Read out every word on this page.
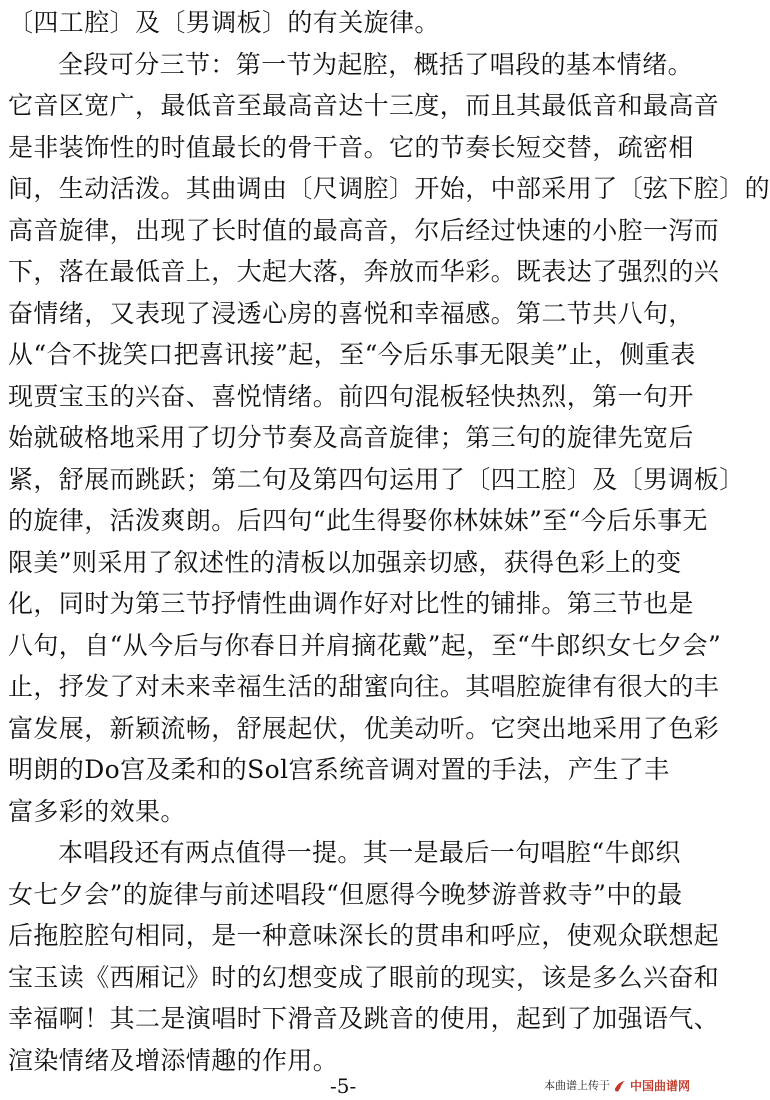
〔四工腔〕及〔男调板〕的有关旋律。
全段可分三节：第一节为起腔，概括了唱段的基本情绪。
它音区宽广，最低音至最高音达十三度，而且其最低音和最高音
是非装饰性的时值最长的骨干音。它的节奏长短交替，疏密相
间，生动活泼。其曲调由〔尺调腔〕开始，中部采用了〔弦下腔〕的
高音旋律，出现了长时值的最高音，尔后经过快速的小腔一泻而
下，落在最低音上，大起大落，奔放而华彩。既表达了强烈的兴
奋情绪，又表现了浸透心房的喜悦和幸福感。第二节共八句，
从“合不拢笑口把喜讯接”起，至“今后乐事无限美”止，侧重表
现贾宝玉的兴奋、喜悦情绪。前四句混板轻快热烈，第一句开
始就破格地采用了切分节奏及高音旋律；第三句的旋律先宽后
紧，舒展而跳跃；第二句及第四句运用了〔四工腔〕及〔男调板〕
的旋律，活泼爽朗。后四句“此生得娶你林妹妹”至“今后乐事无
限美”则采用了叙述性的清板以加强亲切感，获得色彩上的变
化，同时为第三节抒情性曲调作好对比性的铺排。第三节也是
八句，自“从今后与你春日并肩摘花戴”起，至“牛郎织女七夕会”
止，抒发了对未来幸福生活的甜蜜向往。其唱腔旋律有很大的丰
富发展，新颖流畅，舒展起伏，优美动听。它突出地采用了色彩
明朗的Do宫及柔和的Sol宫系统音调对置的手法，产生了丰
富多彩的效果。
本唱段还有两点值得一提。其一是最后一句唱腔“牛郎织
女七夕会”的旋律与前述唱段“但愿得今晚梦游普救寺”中的最
后拖腔腔句相同，是一种意味深长的贯串和呼应，使观众联想起
宝玉读《西厢记》时的幻想变成了眼前的现实，该是多么兴奋和
幸福啊！其二是演唱时下滑音及跳音的使用，起到了加强语气、
渲染情绪及增添情趣的作用。
-5-	本曲谱上传于 中国曲谱网
